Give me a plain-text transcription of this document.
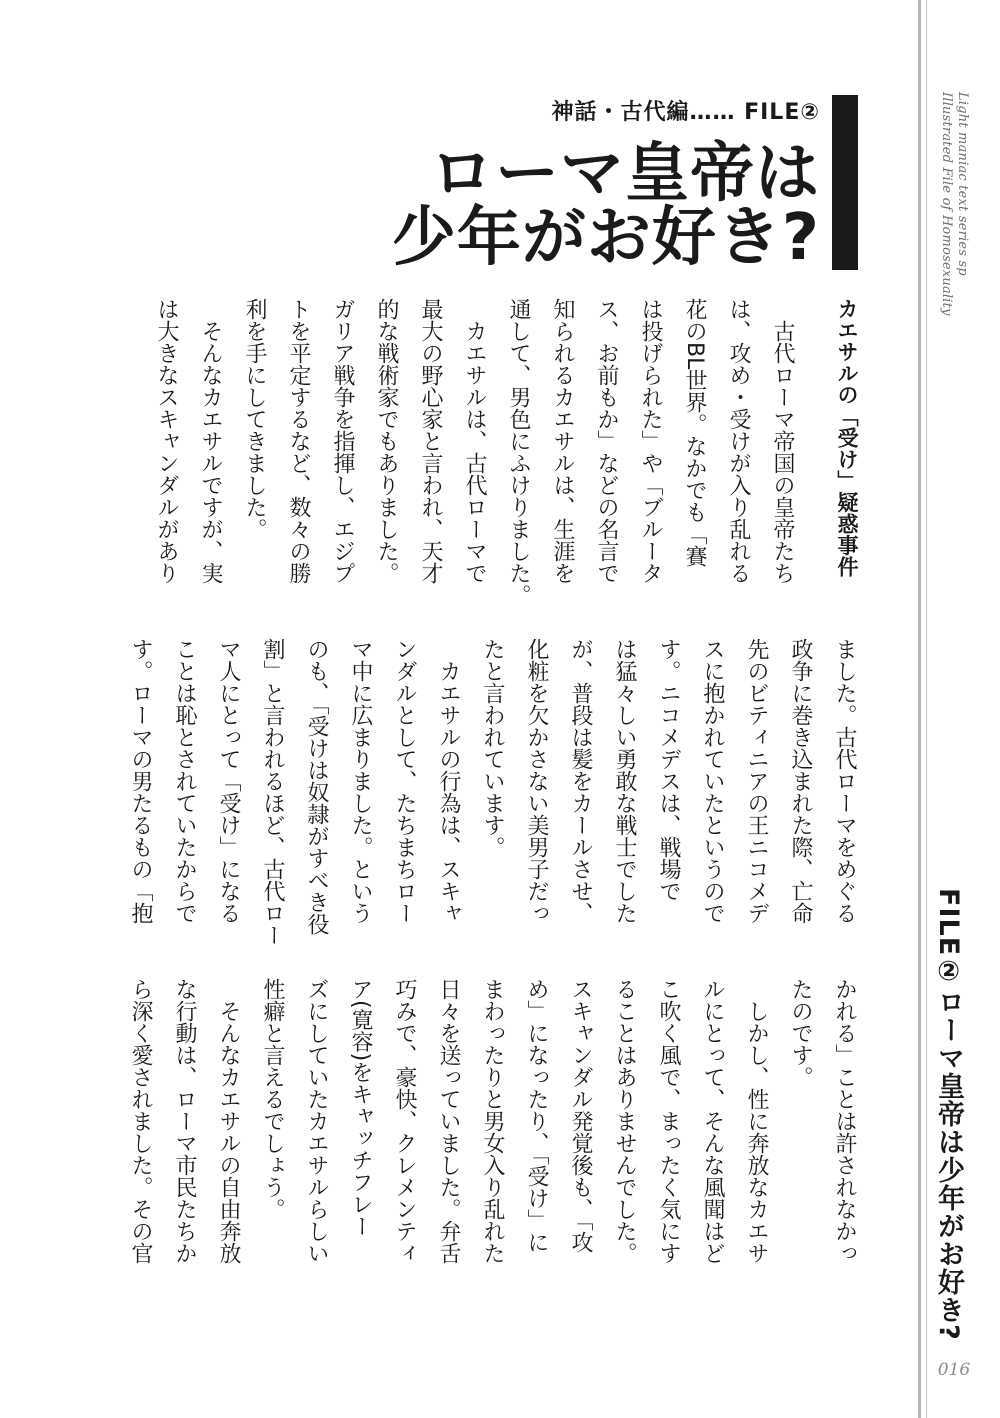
Light maniac text series sp
Illustrated File of Homosexuality
FILE②ローマ皇帝は少年がお好き?
016
神話・古代編…… FILE②
ローマ皇帝は
少年がお好き?
カエサルの「受け」疑惑事件
　古代ローマ帝国の皇帝たち
は、攻め・受けが入り乱れる
花のBL世界。なかでも「賽
は投げられた」や「ブルータ
ス、お前もか」などの名言で
知られるカエサルは、生涯を
通して、男色にふけりました。
　カエサルは、古代ローマで
最大の野心家と言われ、天才
的な戦術家でもありました。
ガリア戦争を指揮し、エジプ
トを平定するなど、数々の勝
利を手にしてきました。
　そんなカエサルですが、実
は大きなスキャンダルがあり
ました。古代ローマをめぐる
政争に巻き込まれた際、亡命
先のビティニアの王ニコメデ
スに抱かれていたというので
す。ニコメデスは、戦場で
は猛々しい勇敢な戦士でした
が、普段は髪をカールさせ、
化粧を欠かさない美男子だっ
たと言われています。
　カエサルの行為は、スキャ
ンダルとして、たちまちロー
マ中に広まりました。という
のも、「受けは奴隷がすべき役
割」と言われるほど、古代ロー
マ人にとって「受け」になる
ことは恥とされていたからで
す。ローマの男たるもの「抱
かれる」ことは許されなかっ
たのです。
　しかし、性に奔放なカエサ
ルにとって、そんな風聞はど
こ吹く風で、まったく気にす
ることはありませんでした。
スキャンダル発覚後も、「攻
め」になったり、「受け」に
まわったりと男女入り乱れた
日々を送っていました。弁舌
巧みで、豪快、クレメンティ
ア(寛容)をキャッチフレー
ズにしていたカエサルらしい
性癖と言えるでしょう。
　そんなカエサルの自由奔放
な行動は、ローマ市民たちか
ら深く愛されました。その官
